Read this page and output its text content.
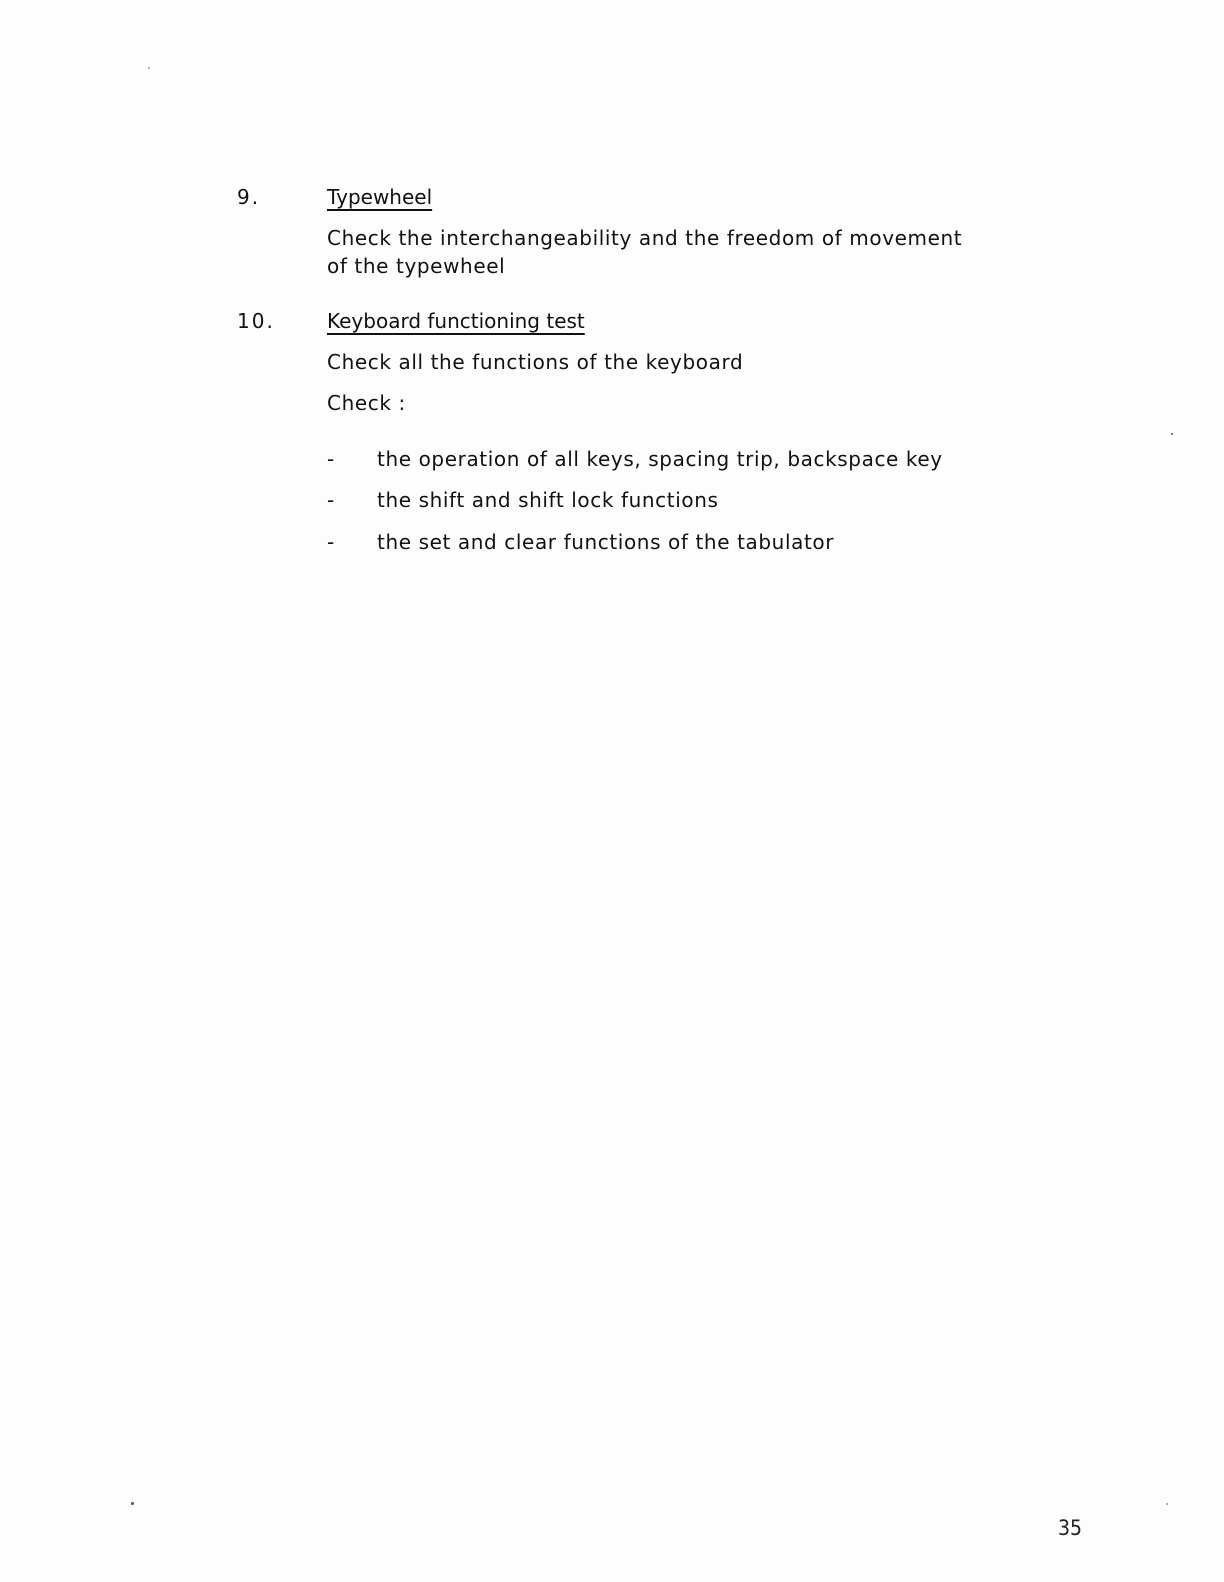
9.	Typewheel
Check the interchangeability and the freedom of movement
of the typewheel
10.	Keyboard functioning test
Check all the functions of the keyboard
Check :
- the operation of all keys, spacing trip, backspace key
- the shift and shift lock functions
- the set and clear functions of the tabulator
35
